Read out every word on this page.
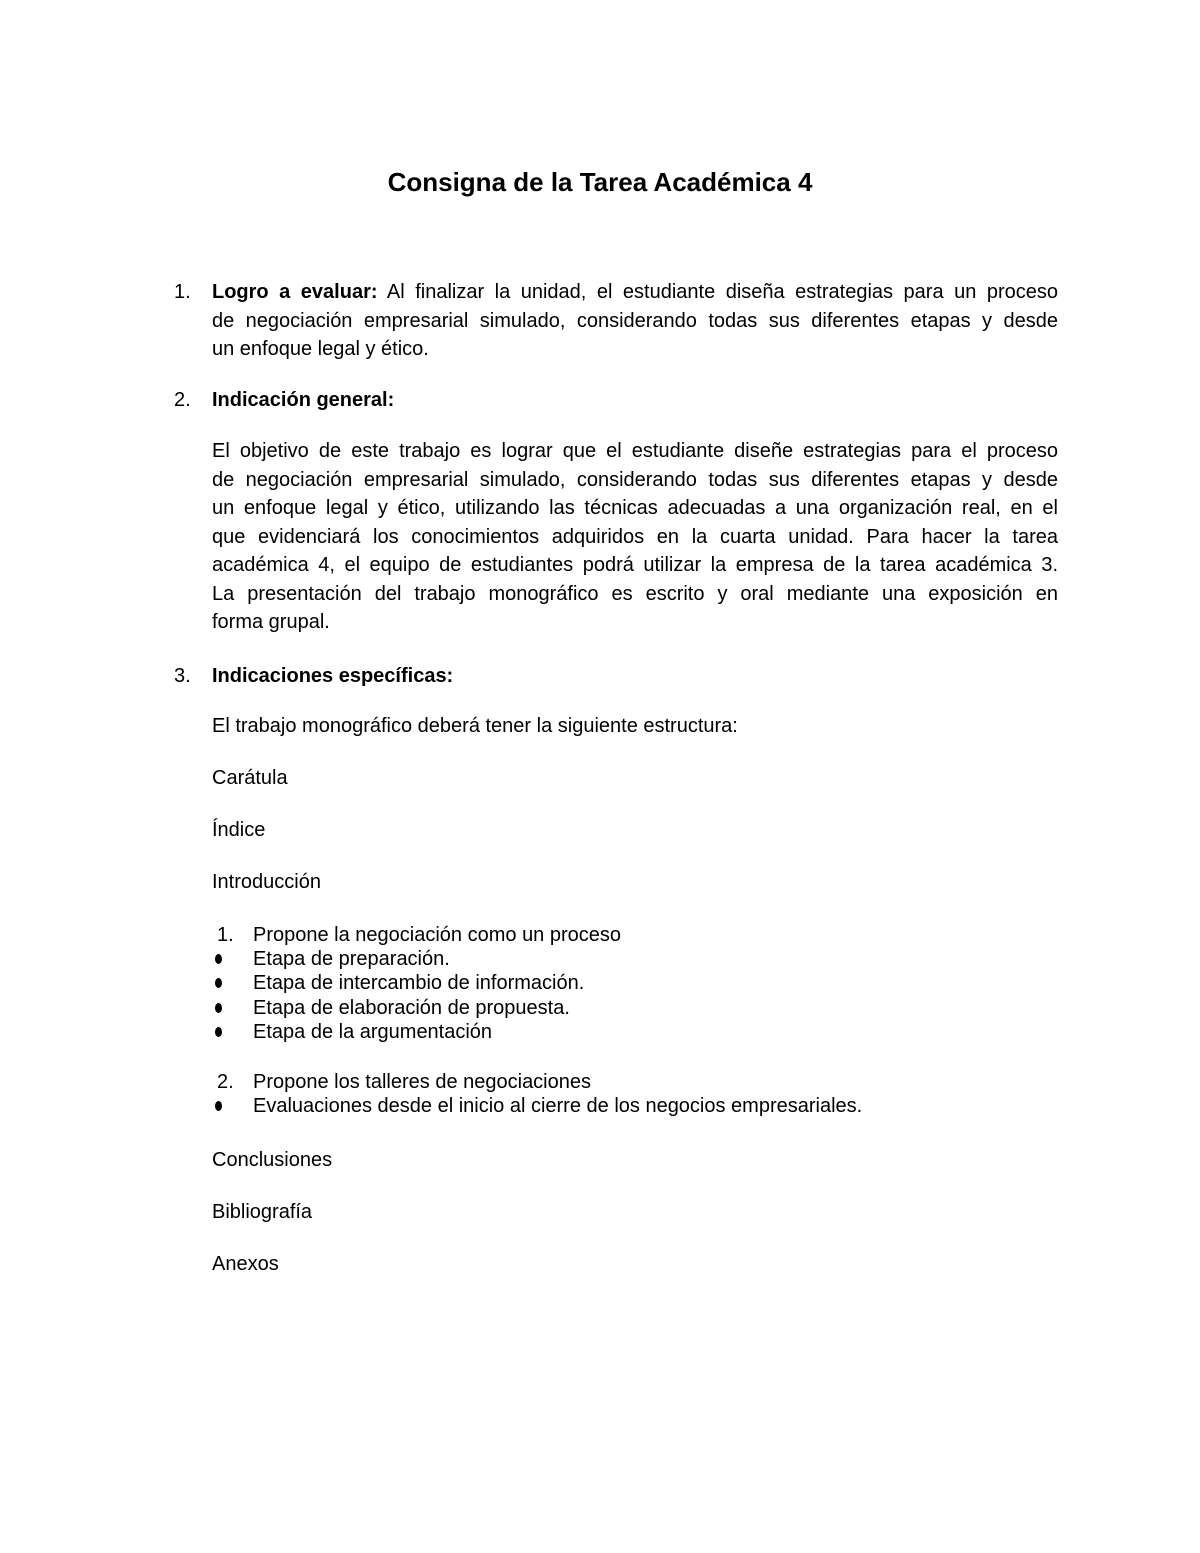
Consigna de la Tarea Académica 4
1.	Logro a evaluar: Al finalizar la unidad, el estudiante diseña estrategias para un proceso
de negociación empresarial simulado, considerando todas sus diferentes etapas y desde
un enfoque legal y ético.
2.	Indicación general:
El objetivo de este trabajo es lograr que el estudiante diseñe estrategias para el proceso
de negociación empresarial simulado, considerando todas sus diferentes etapas y desde
un enfoque legal y ético, utilizando las técnicas adecuadas a una organización real, en el
que evidenciará los conocimientos adquiridos en la cuarta unidad. Para hacer la tarea
académica 4, el equipo de estudiantes podrá utilizar la empresa de la tarea académica 3.
La presentación del trabajo monográfico es escrito y oral mediante una exposición en
forma grupal.
3.	Indicaciones específicas:
El trabajo monográfico deberá tener la siguiente estructura:
Carátula
Índice
Introducción
1. Propone la negociación como un proceso
Etapa de preparación.
Etapa de intercambio de información.
Etapa de elaboración de propuesta.
Etapa de la argumentación
2. Propone los talleres de negociaciones
Evaluaciones desde el inicio al cierre de los negocios empresariales.
Conclusiones
Bibliografía
Anexos
